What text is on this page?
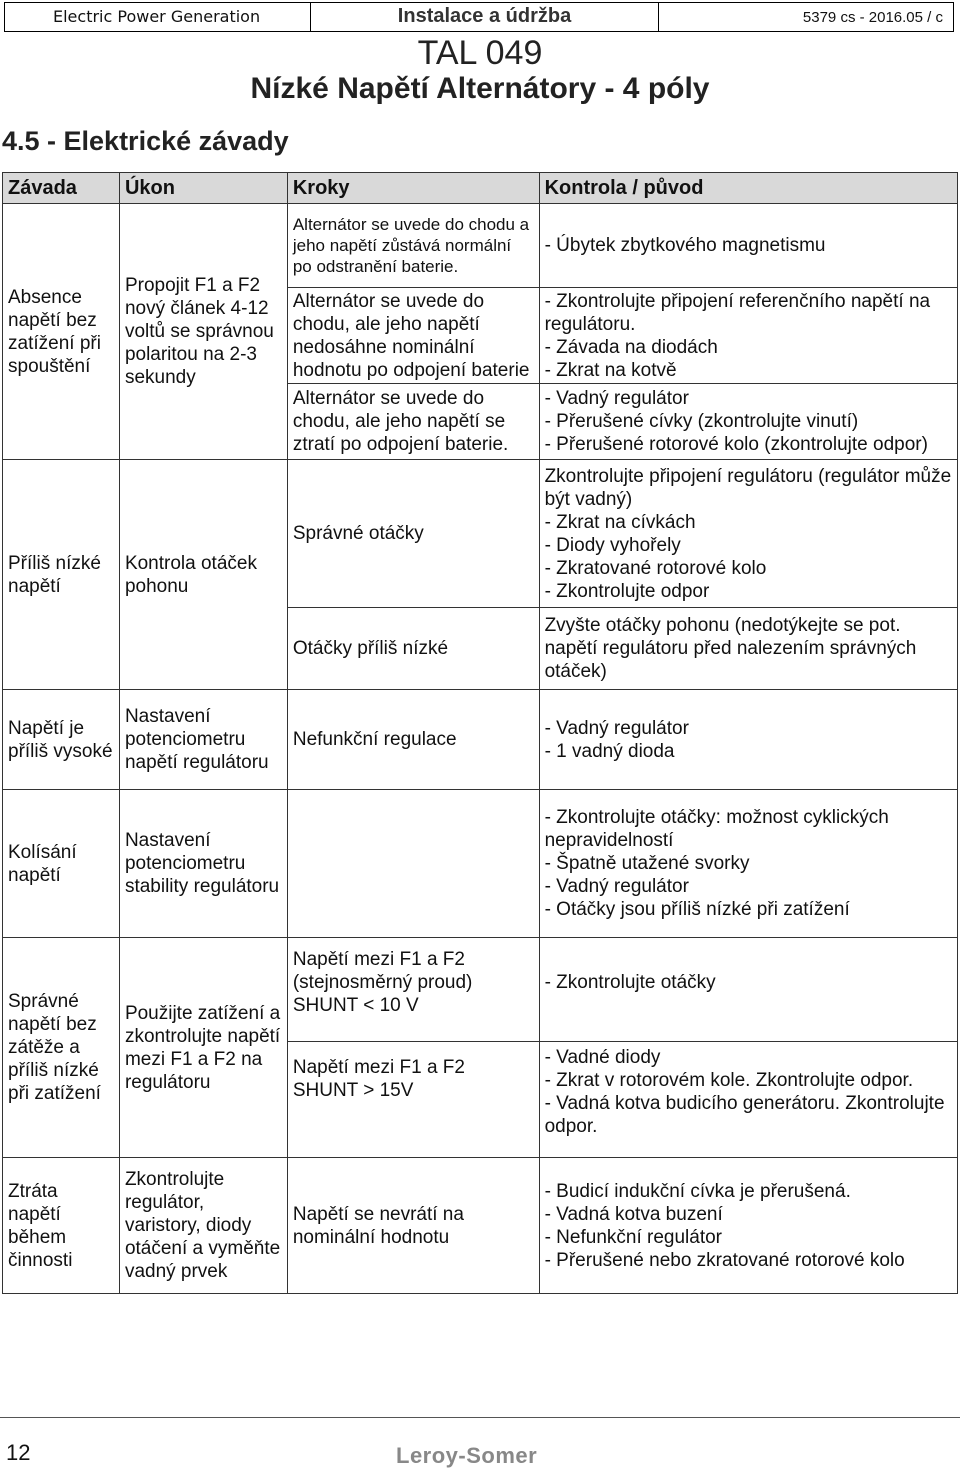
Electric Power Generation	Instalace a údržba	5379 cs - 2016.05 / c
TAL 049
Nízké Napětí Alternátory - 4 póly
4.5 - Elektrické závady
Závada	Úkon	Kroky	Kontrola / původ
Absence napětí bez zatížení při spouštění	Propojit F1 a F2 nový článek 4-12 voltů se správnou polaritou na 2-3 sekundy	Alternátor se uvede do chodu a jeho napětí zůstává normální po odstranění baterie.	- Úbytek zbytkového magnetismu
		Alternátor se uvede do chodu, ale jeho napětí nedosáhne nominální hodnotu po odpojení baterie	- Zkontrolujte připojení referenčního napětí na regulátoru.
- Závada na diodách
- Zkrat na kotvě
		Alternátor se uvede do chodu, ale jeho napětí se ztratí po odpojení baterie.	- Vadný regulátor
- Přerušené cívky (zkontrolujte vinutí)
- Přerušené rotorové kolo (zkontrolujte odpor)
Příliš nízké napětí	Kontrola otáček pohonu	Správné otáčky	Zkontrolujte připojení regulátoru (regulátor může být vadný)
- Zkrat na cívkách
- Diody vyhořely
- Zkratované rotorové kolo
- Zkontrolujte odpor
		Otáčky příliš nízké	Zvyšte otáčky pohonu (nedotýkejte se pot. napětí regulátoru před nalezením správných otáček)
Napětí je příliš vysoké	Nastavení potenciometru napětí regulátoru	Nefunkční regulace	- Vadný regulátor
- 1 vadný dioda
Kolísání napětí	Nastavení potenciometru stability regulátoru		- Zkontrolujte otáčky: možnost cyklických nepravidelností
- Špatně utažené svorky
- Vadný regulátor
- Otáčky jsou příliš nízké při zatížení
Správné napětí bez zátěže a příliš nízké při zatížení	Použijte zatížení a zkontrolujte napětí mezi F1 a F2 na regulátoru	Napětí mezi F1 a F2 (stejnosměrný proud) SHUNT < 10 V	- Zkontrolujte otáčky
		Napětí mezi F1 a F2 SHUNT > 15V	- Vadné diody
- Zkrat v rotorovém kole. Zkontrolujte odpor.
- Vadná kotva budicího generátoru. Zkontrolujte odpor.
Ztráta napětí během činnosti	Zkontrolujte regulátor, varistory, diody otáčení a vyměňte vadný prvek	Napětí se nevrátí na nominální hodnotu	- Budicí indukční cívka je přerušená.
- Vadná kotva buzení
- Nefunkční regulátor
- Přerušené nebo zkratované rotorové kolo
12	Leroy-Somer
